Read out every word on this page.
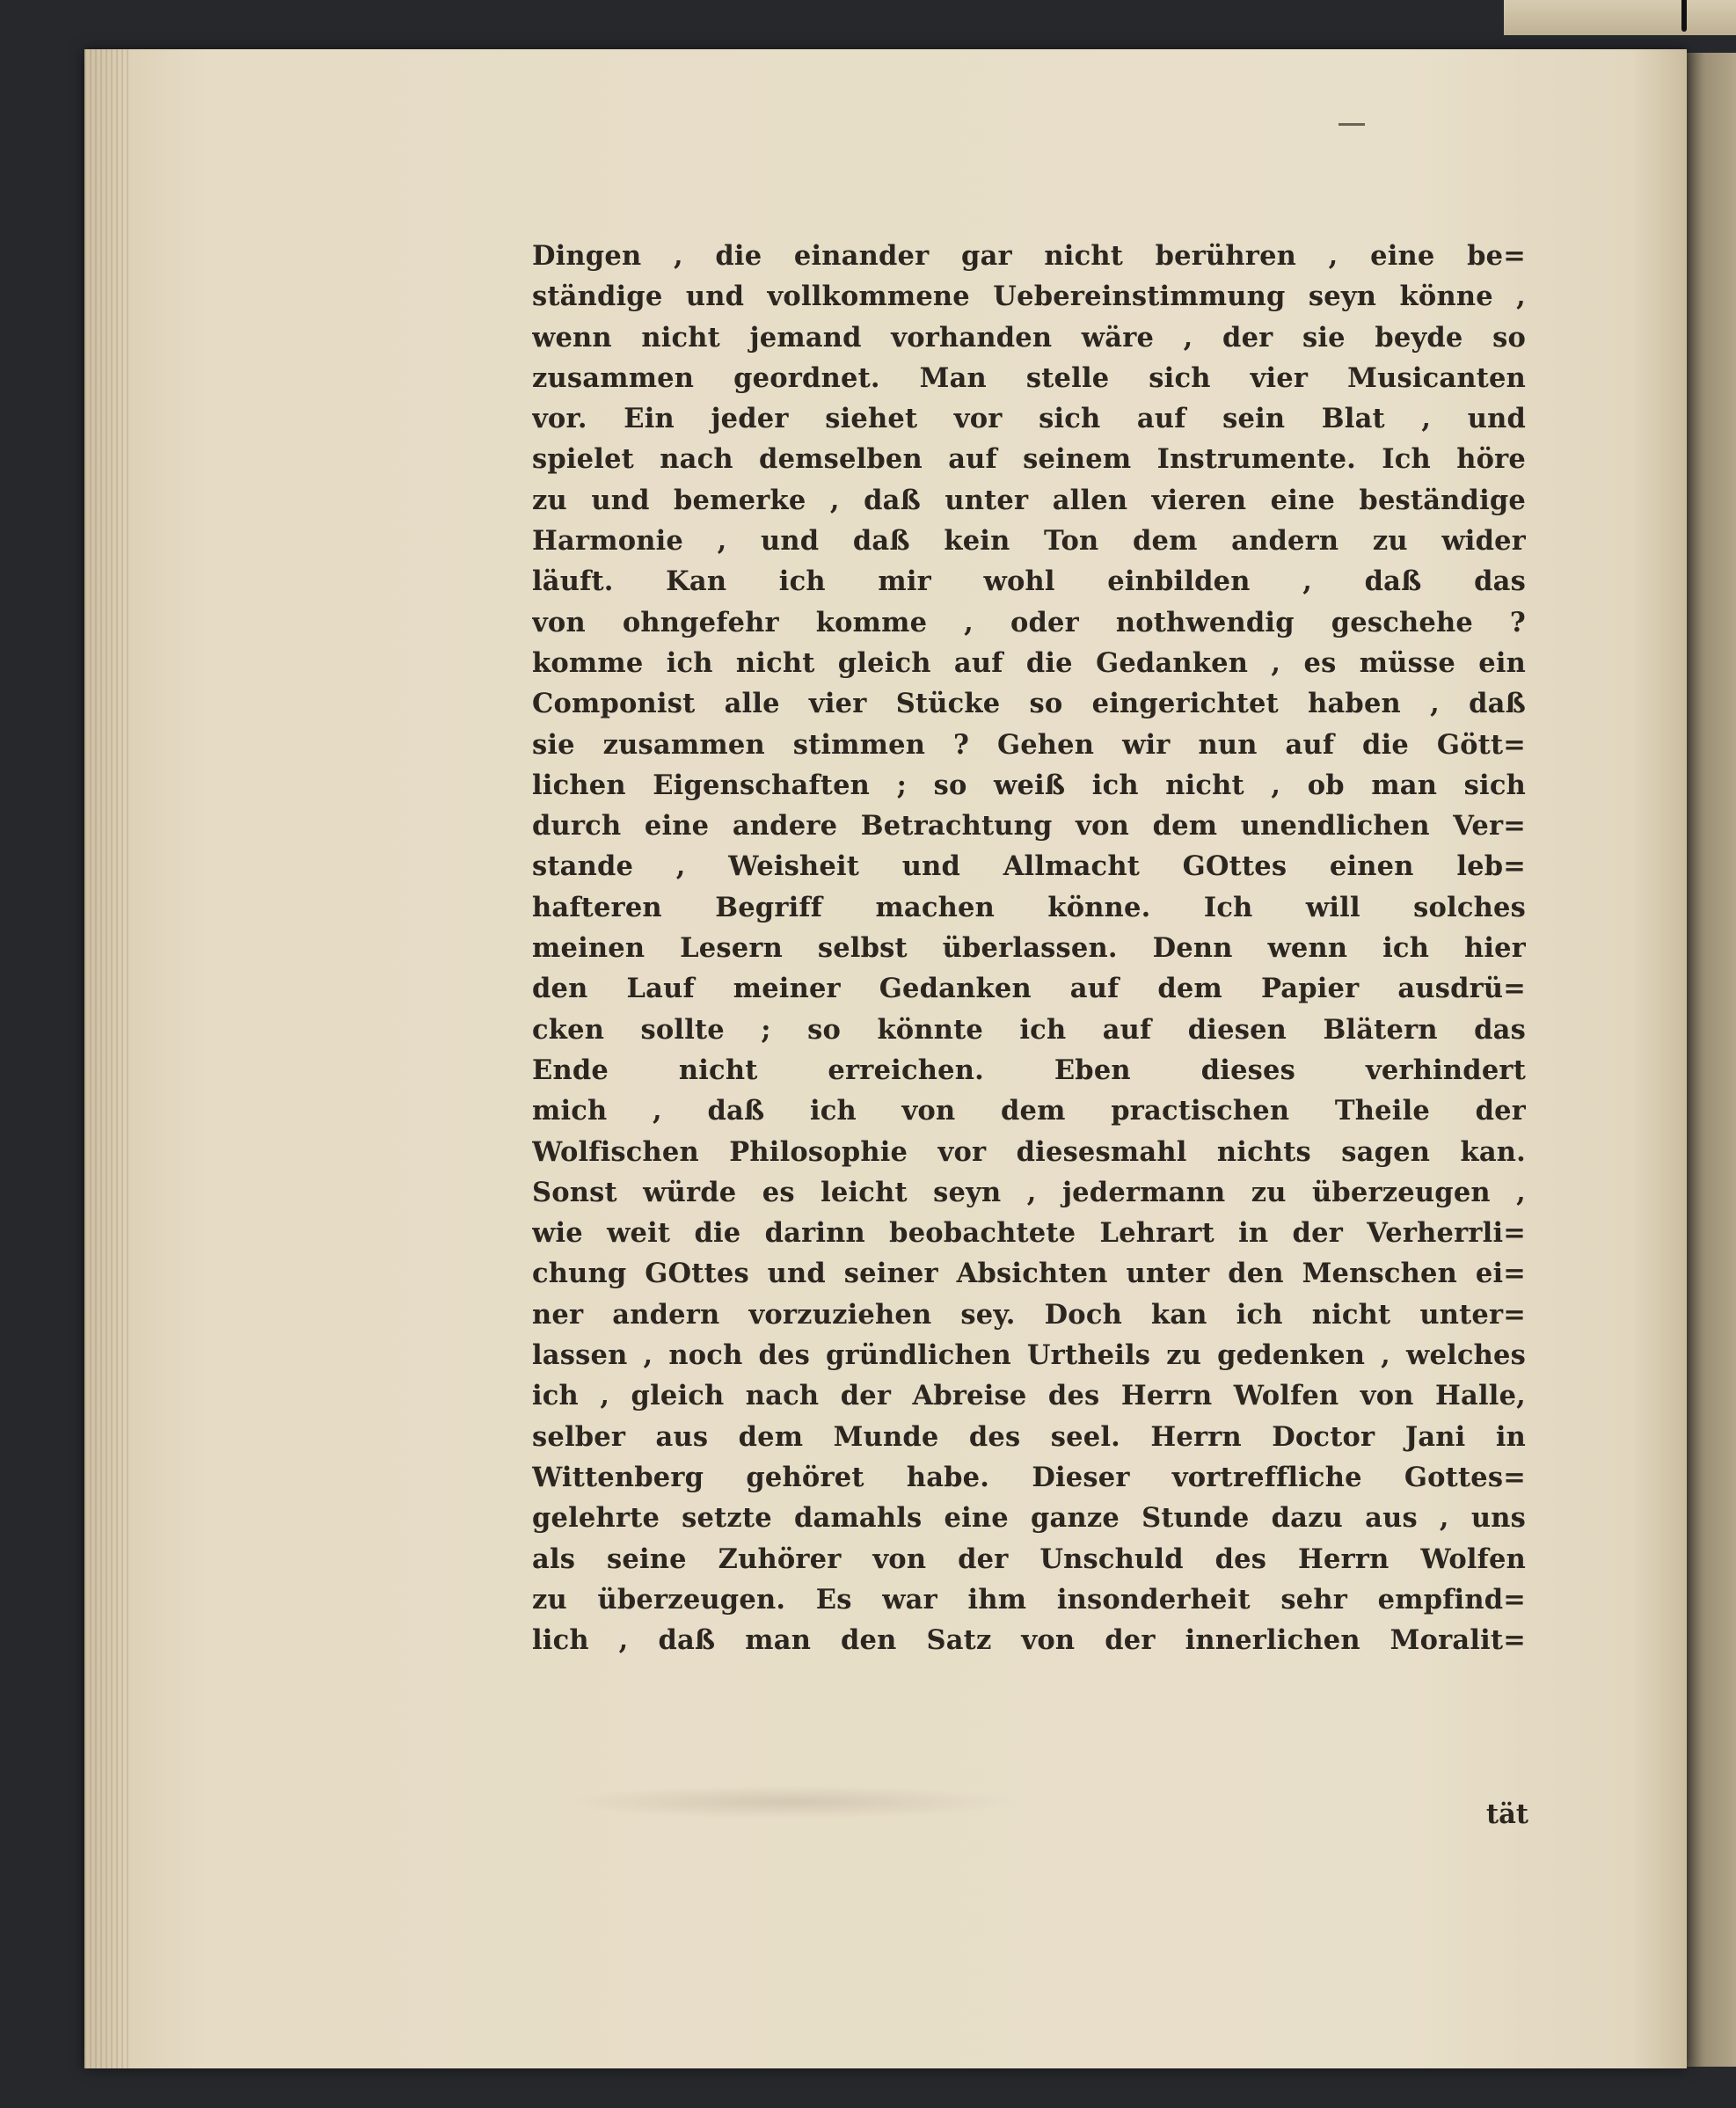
Dingen , die einander gar nicht berühren , eine be=
ständige und vollkommene Uebereinstimmung seyn könne ,
wenn nicht jemand vorhanden wäre , der sie beyde so
zusammen geordnet. Man stelle sich vier Musicanten
vor. Ein jeder siehet vor sich auf sein Blat , und
spielet nach demselben auf seinem Instrumente. Ich höre
zu und bemerke , daß unter allen vieren eine beständige
Harmonie , und daß kein Ton dem andern zu wider
läuft. Kan ich mir wohl einbilden , daß das
von ohngefehr komme , oder nothwendig geschehe ?
komme ich nicht gleich auf die Gedanken , es müsse ein
Componist alle vier Stücke so eingerichtet haben , daß
sie zusammen stimmen ? Gehen wir nun auf die Gött=
lichen Eigenschaften ; so weiß ich nicht , ob man sich
durch eine andere Betrachtung von dem unendlichen Ver=
stande , Weisheit und Allmacht GOttes einen leb=
hafteren Begriff machen könne. Ich will solches
meinen Lesern selbst überlassen. Denn wenn ich hier
den Lauf meiner Gedanken auf dem Papier ausdrü=
cken sollte ; so könnte ich auf diesen Blätern das
Ende nicht erreichen. Eben dieses verhindert
mich , daß ich von dem practischen Theile der
Wolfischen Philosophie vor diesesmahl nichts sagen kan.
Sonst würde es leicht seyn , jedermann zu überzeugen ,
wie weit die darinn beobachtete Lehrart in der Verherrli=
chung GOttes und seiner Absichten unter den Menschen ei=
ner andern vorzuziehen sey. Doch kan ich nicht unter=
lassen , noch des gründlichen Urtheils zu gedenken , welches
ich , gleich nach der Abreise des Herrn Wolfen von Halle,
selber aus dem Munde des seel. Herrn Doctor Jani in
Wittenberg gehöret habe. Dieser vortreffliche Gottes=
gelehrte setzte damahls eine ganze Stunde dazu aus , uns
als seine Zuhörer von der Unschuld des Herrn Wolfen
zu überzeugen. Es war ihm insonderheit sehr empfind=
lich , daß man den Satz von der innerlichen Moralit=
tät
